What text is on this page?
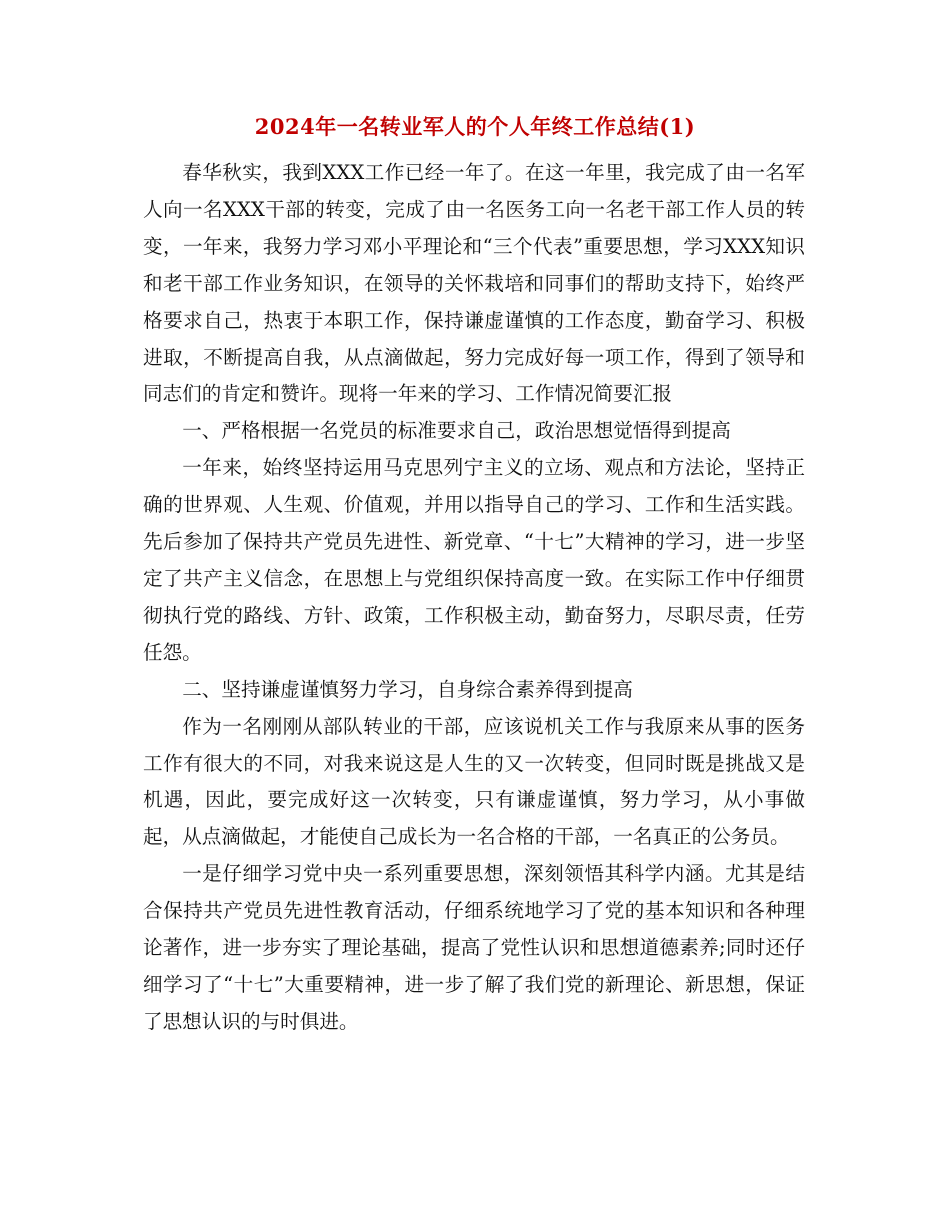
2024年一名转业军人的个人年终工作总结(1)

春华秋实，我到XXX工作已经一年了。在这一年里，我完成了由一名军人向一名XXX干部的转变，完成了由一名医务工向一名老干部工作人员的转变，一年来，我努力学习邓小平理论和“三个代表”重要思想，学习XXX知识和老干部工作业务知识，在领导的关怀栽培和同事们的帮助支持下，始终严格要求自己，热衷于本职工作，保持谦虚谨慎的工作态度，勤奋学习、积极进取，不断提高自我，从点滴做起，努力完成好每一项工作，得到了领导和同志们的肯定和赞许。现将一年来的学习、工作情况简要汇报

一、严格根据一名党员的标准要求自己，政治思想觉悟得到提高

一年来，始终坚持运用马克思列宁主义的立场、观点和方法论，坚持正确的世界观、人生观、价值观，并用以指导自己的学习、工作和生活实践。先后参加了保持共产党员先进性、新党章、“十七”大精神的学习，进一步坚定了共产主义信念，在思想上与党组织保持高度一致。在实际工作中仔细贯彻执行党的路线、方针、政策，工作积极主动，勤奋努力，尽职尽责，任劳任怨。

二、坚持谦虚谨慎努力学习，自身综合素养得到提高

作为一名刚刚从部队转业的干部，应该说机关工作与我原来从事的医务工作有很大的不同，对我来说这是人生的又一次转变，但同时既是挑战又是机遇，因此，要完成好这一次转变，只有谦虚谨慎，努力学习，从小事做起，从点滴做起，才能使自己成长为一名合格的干部，一名真正的公务员。

一是仔细学习党中央一系列重要思想，深刻领悟其科学内涵。尤其是结合保持共产党员先进性教育活动，仔细系统地学习了党的基本知识和各种理论著作，进一步夯实了理论基础，提高了党性认识和思想道德素养;同时还仔细学习了“十七”大重要精神，进一步了解了我们党的新理论、新思想，保证了思想认识的与时俱进。
